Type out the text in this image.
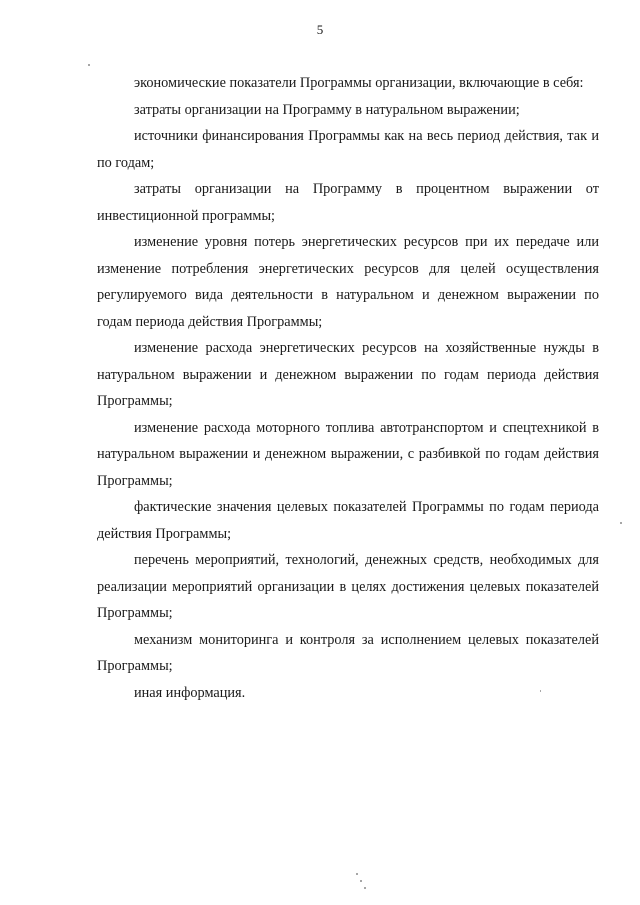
5

экономические показатели Программы организации, включающие в себя:

затраты организации на Программу в натуральном выражении;

источники финансирования Программы как на весь период действия, так и по годам;

затраты организации на Программу в процентном выражении от инвестиционной программы;

изменение уровня потерь энергетических ресурсов при их передаче или изменение потребления энергетических ресурсов для целей осуществления регулируемого вида деятельности в натуральном и денежном выражении по годам периода действия Программы;

изменение расхода энергетических ресурсов на хозяйственные нужды в натуральном выражении и денежном выражении по годам периода действия Программы;

изменение расхода моторного топлива автотранспортом и спецтехникой в натуральном выражении и денежном выражении, с разбивкой по годам действия Программы;

фактические значения целевых показателей Программы по годам периода действия Программы;

перечень мероприятий, технологий, денежных средств, необходимых для реализации мероприятий организации в целях достижения целевых показателей Программы;

механизм мониторинга и контроля за исполнением целевых показателей Программы;

иная информация.
